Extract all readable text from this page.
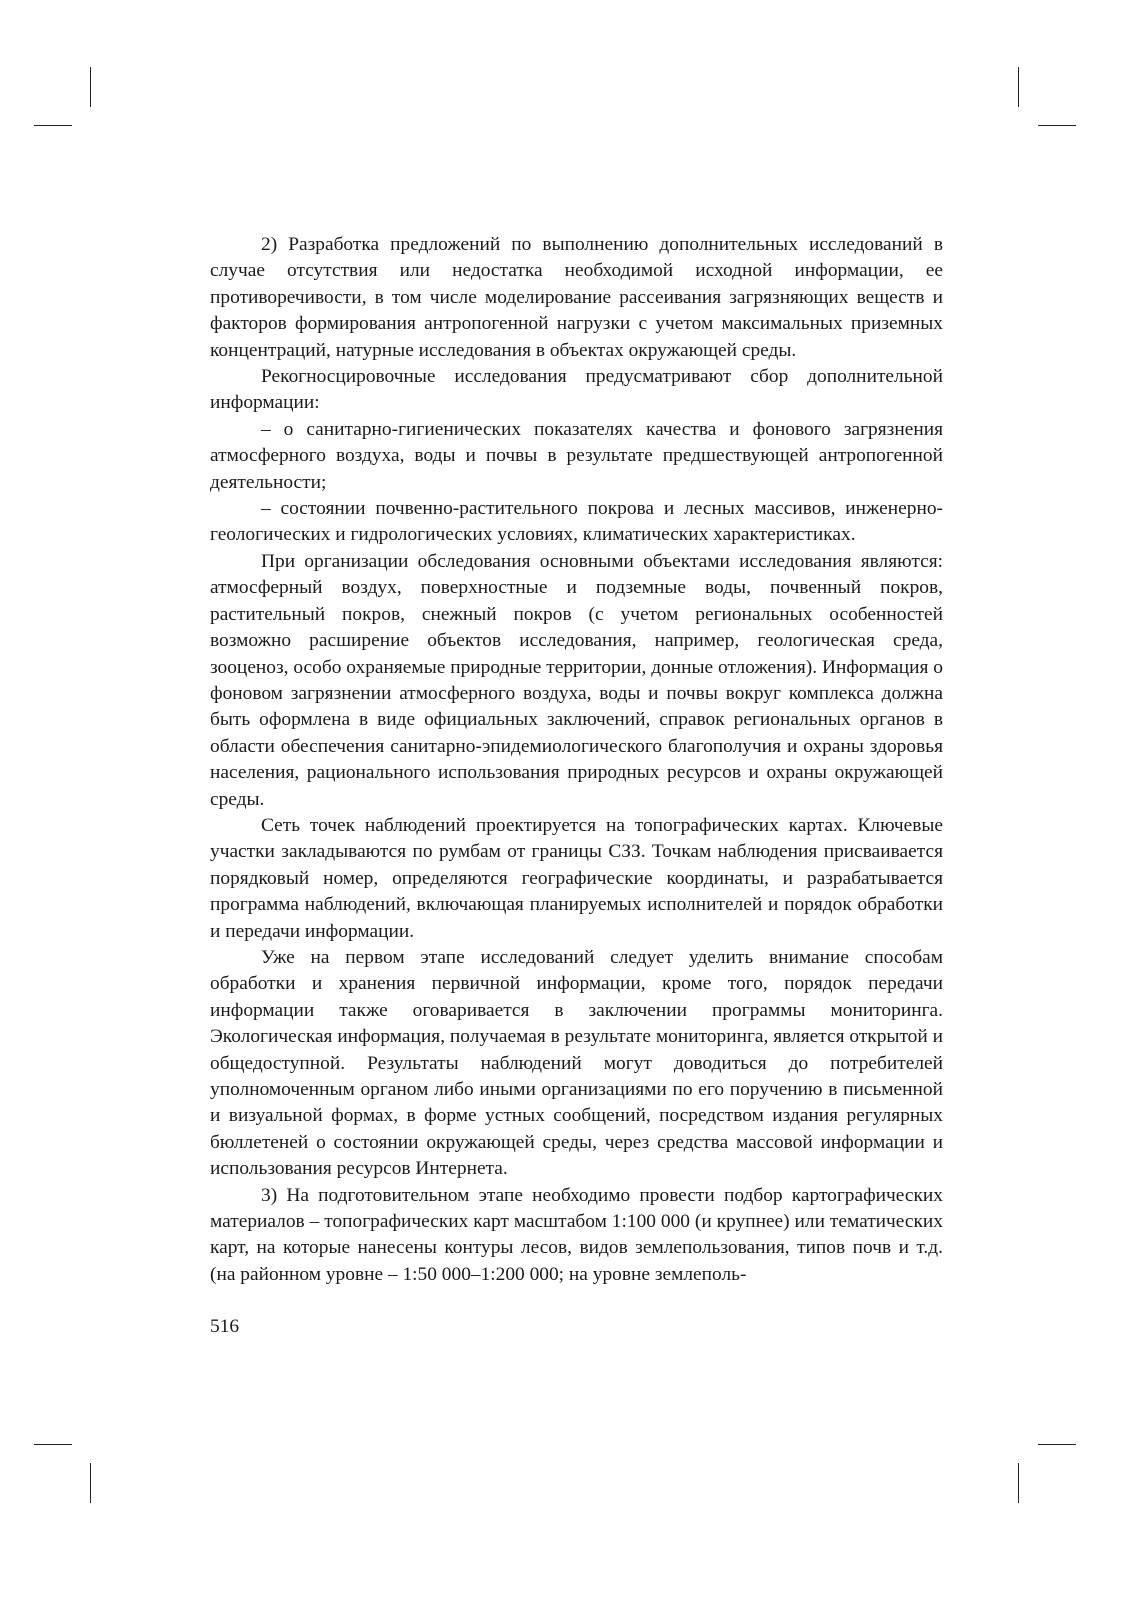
2) Разработка предложений по выполнению дополнительных исследований в случае отсутствия или недостатка необходимой исходной информации, ее противоречивости, в том числе моделирование рассеивания загрязняющих веществ и факторов формирования антропогенной нагрузки с учетом максимальных приземных концентраций, натурные исследования в объектах окружающей среды.

Рекогносцировочные исследования предусматривают сбор дополнительной информации:

– о санитарно-гигиенических показателях качества и фонового загрязнения атмосферного воздуха, воды и почвы в результате предшествующей антропогенной деятельности;

– состоянии почвенно-растительного покрова и лесных массивов, инженерно-геологических и гидрологических условиях, климатических характеристиках.

При организации обследования основными объектами исследования являются: атмосферный воздух, поверхностные и подземные воды, почвенный покров, растительный покров, снежный покров (с учетом региональных особенностей возможно расширение объектов исследования, например, геологическая среда, зооценоз, особо охраняемые природные территории, донные отложения). Информация о фоновом загрязнении атмосферного воздуха, воды и почвы вокруг комплекса должна быть оформлена в виде официальных заключений, справок региональных органов в области обеспечения санитарно-эпидемиологического благополучия и охраны здоровья населения, рационального использования природных ресурсов и охраны окружающей среды.

Сеть точек наблюдений проектируется на топографических картах. Ключевые участки закладываются по румбам от границы СЗЗ. Точкам наблюдения присваивается порядковый номер, определяются географические координаты, и разрабатывается программа наблюдений, включающая планируемых исполнителей и порядок обработки и передачи информации.

Уже на первом этапе исследований следует уделить внимание способам обработки и хранения первичной информации, кроме того, порядок передачи информации также оговаривается в заключении программы мониторинга. Экологическая информация, получаемая в результате мониторинга, является открытой и общедоступной. Результаты наблюдений могут доводиться до потребителей уполномоченным органом либо иными организациями по его поручению в письменной и визуальной формах, в форме устных сообщений, посредством издания регулярных бюллетеней о состоянии окружающей среды, через средства массовой информации и использования ресурсов Интернета.

3) На подготовительном этапе необходимо провести подбор картографических материалов – топографических карт масштабом 1:100 000 (и крупнее) или тематических карт, на которые нанесены контуры лесов, видов землепользования, типов почв и т.д. (на районном уровне – 1:50 000–1:200 000; на уровне землеполь-

516
